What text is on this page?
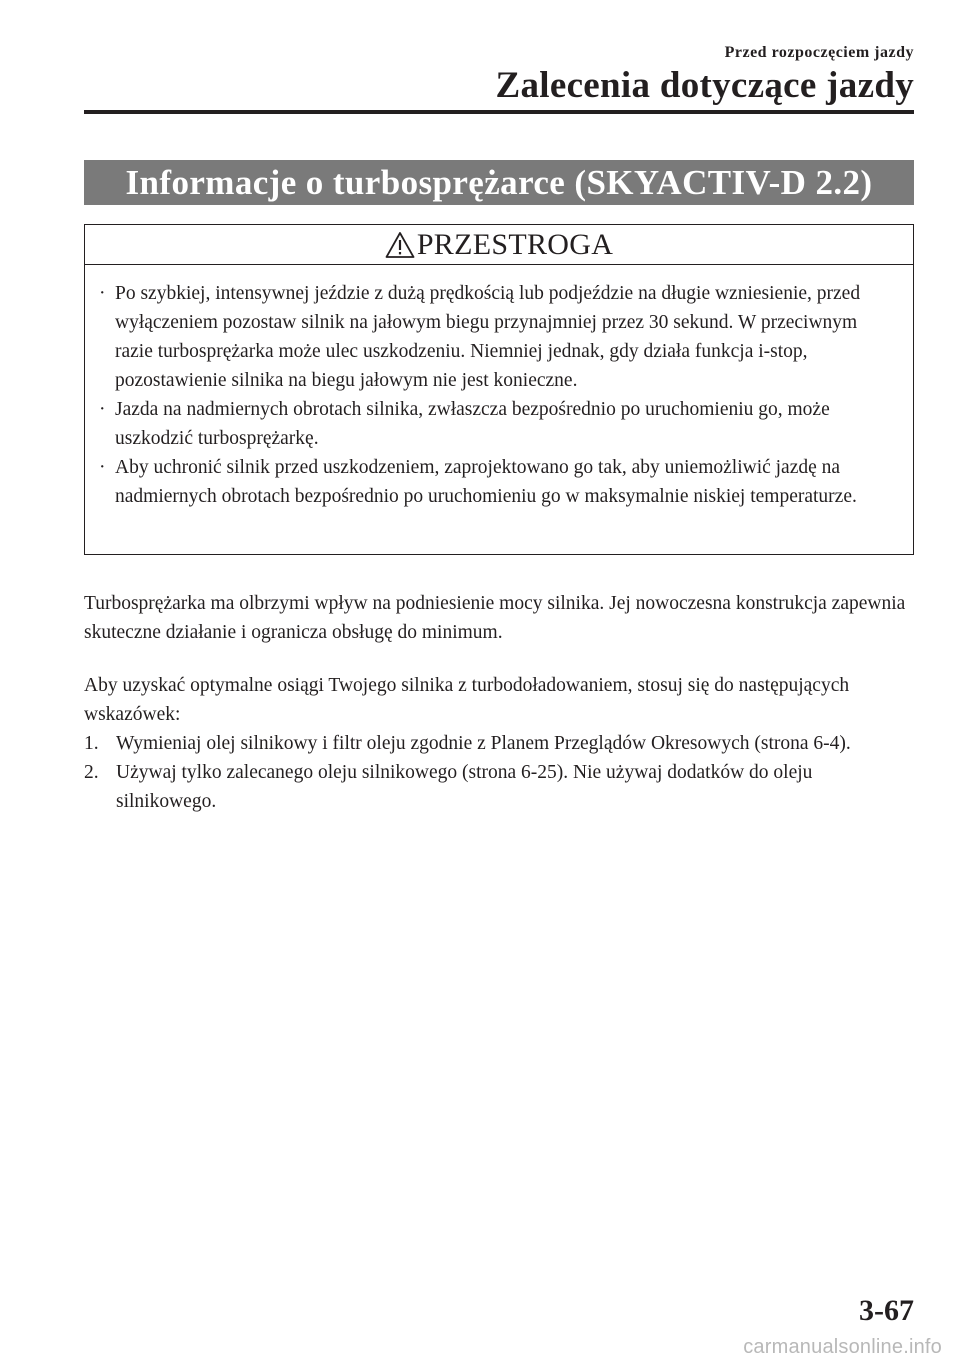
Przed rozpoczęciem jazdy
Zalecenia dotyczące jazdy
Informacje o turbosprężarce (SKYACTIV-D 2.2)
PRZESTROGA
· Po szybkiej, intensywnej jeździe z dużą prędkością lub podjeździe na długie wzniesienie, przed wyłączeniem pozostaw silnik na jałowym biegu przynajmniej przez 30 sekund. W przeciwnym razie turbosprężarka może ulec uszkodzeniu. Niemniej jednak, gdy działa funkcja i-stop, pozostawienie silnika na biegu jałowym nie jest konieczne.
· Jazda na nadmiernych obrotach silnika, zwłaszcza bezpośrednio po uruchomieniu go, może uszkodzić turbosprężarkę.
· Aby uchronić silnik przed uszkodzeniem, zaprojektowano go tak, aby uniemożliwić jazdę na nadmiernych obrotach bezpośrednio po uruchomieniu go w maksymalnie niskiej temperaturze.

Turbosprężarka ma olbrzymi wpływ na podniesienie mocy silnika. Jej nowoczesna konstrukcja zapewnia skuteczne działanie i ogranicza obsługę do minimum.

Aby uzyskać optymalne osiągi Twojego silnika z turbodoładowaniem, stosuj się do następujących wskazówek:

1. Wymieniaj olej silnikowy i filtr oleju zgodnie z Planem Przeglądów Okresowych (strona 6-4).
2. Używaj tylko zalecanego oleju silnikowego (strona 6-25). Nie używaj dodatków do oleju silnikowego.
3-67
carmanualsonline.info
